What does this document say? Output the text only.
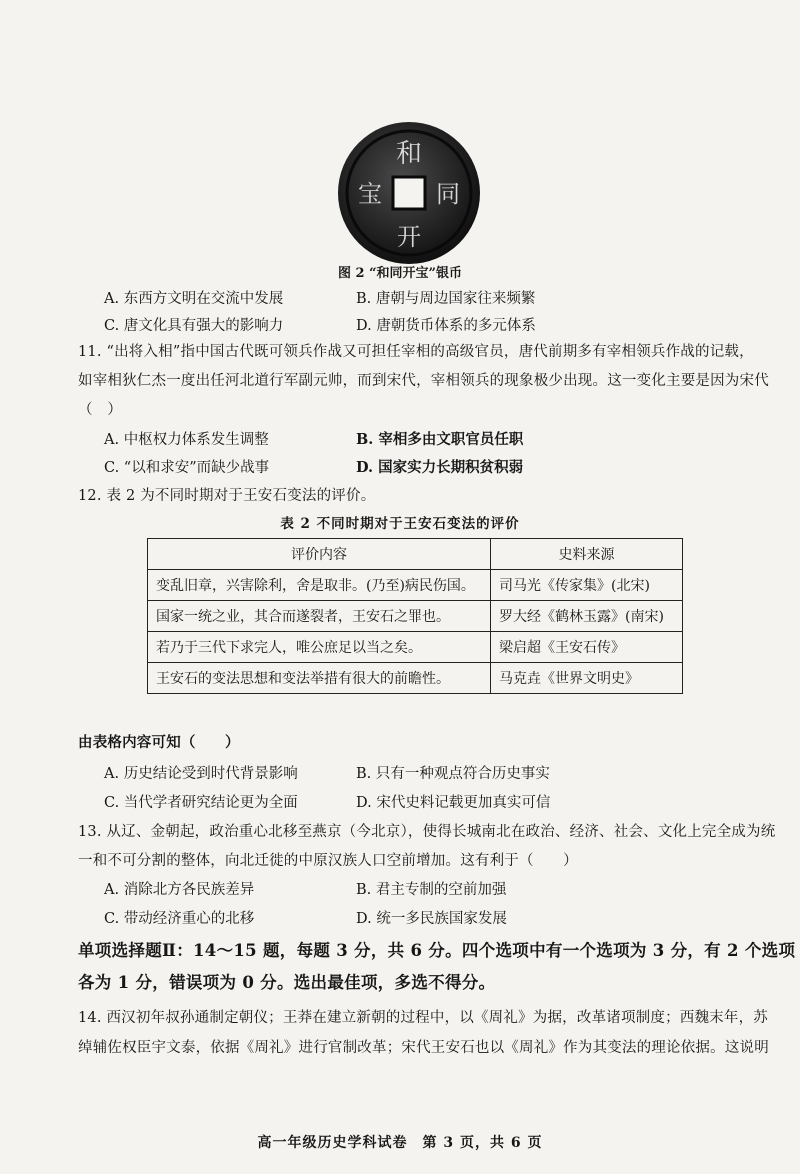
和
同
开
宝
图 2 “和同开宝”银币
A. 东西方文明在交流中发展	B. 唐朝与周边国家往来频繁
C. 唐文化具有强大的影响力	D. 唐朝货币体系的多元体系
11. “出将入相”指中国古代既可领兵作战又可担任宰相的高级官员，唐代前期多有宰相领兵作战的记载，
如宰相狄仁杰一度出任河北道行军副元帅，而到宋代，宰相领兵的现象极少出现。这一变化主要是因为宋代
（　）
A. 中枢权力体系发生调整	B. 宰相多由文职官员任职
C. “以和求安”而缺少战事	D. 国家实力长期积贫积弱
12. 表 2 为不同时期对于王安石变法的评价。
表 2 不同时期对于王安石变法的评价
评价内容	史料来源
变乱旧章，兴害除利，舍是取非。(乃至)病民伤国。	司马光《传家集》(北宋)
国家一统之业，其合而遂裂者，王安石之罪也。	罗大经《鹤林玉露》(南宋)
若乃于三代下求完人，唯公庶足以当之矣。	梁启超《王安石传》
王安石的变法思想和变法举措有很大的前瞻性。	马克垚《世界文明史》
由表格内容可知（　　）
A. 历史结论受到时代背景影响	B. 只有一种观点符合历史事实
C. 当代学者研究结论更为全面	D. 宋代史料记载更加真实可信
13. 从辽、金朝起，政治重心北移至燕京（今北京），使得长城南北在政治、经济、社会、文化上完全成为统
一和不可分割的整体，向北迁徙的中原汉族人口空前增加。这有利于（　　）
A. 消除北方各民族差异	B. 君主专制的空前加强
C. 带动经济重心的北移	D. 统一多民族国家发展
单项选择题Ⅱ：14～15 题，每题 3 分，共 6 分。四个选项中有一个选项为 3 分，有 2 个选项
各为 1 分，错误项为 0 分。选出最佳项，多选不得分。
14. 西汉初年叔孙通制定朝仪；王莽在建立新朝的过程中，以《周礼》为据，改革诸项制度；西魏末年，苏
绰辅佐权臣宇文泰，依据《周礼》进行官制改革；宋代王安石也以《周礼》作为其变法的理论依据。这说明
高一年级历史学科试卷　第 3 页，共 6 页
